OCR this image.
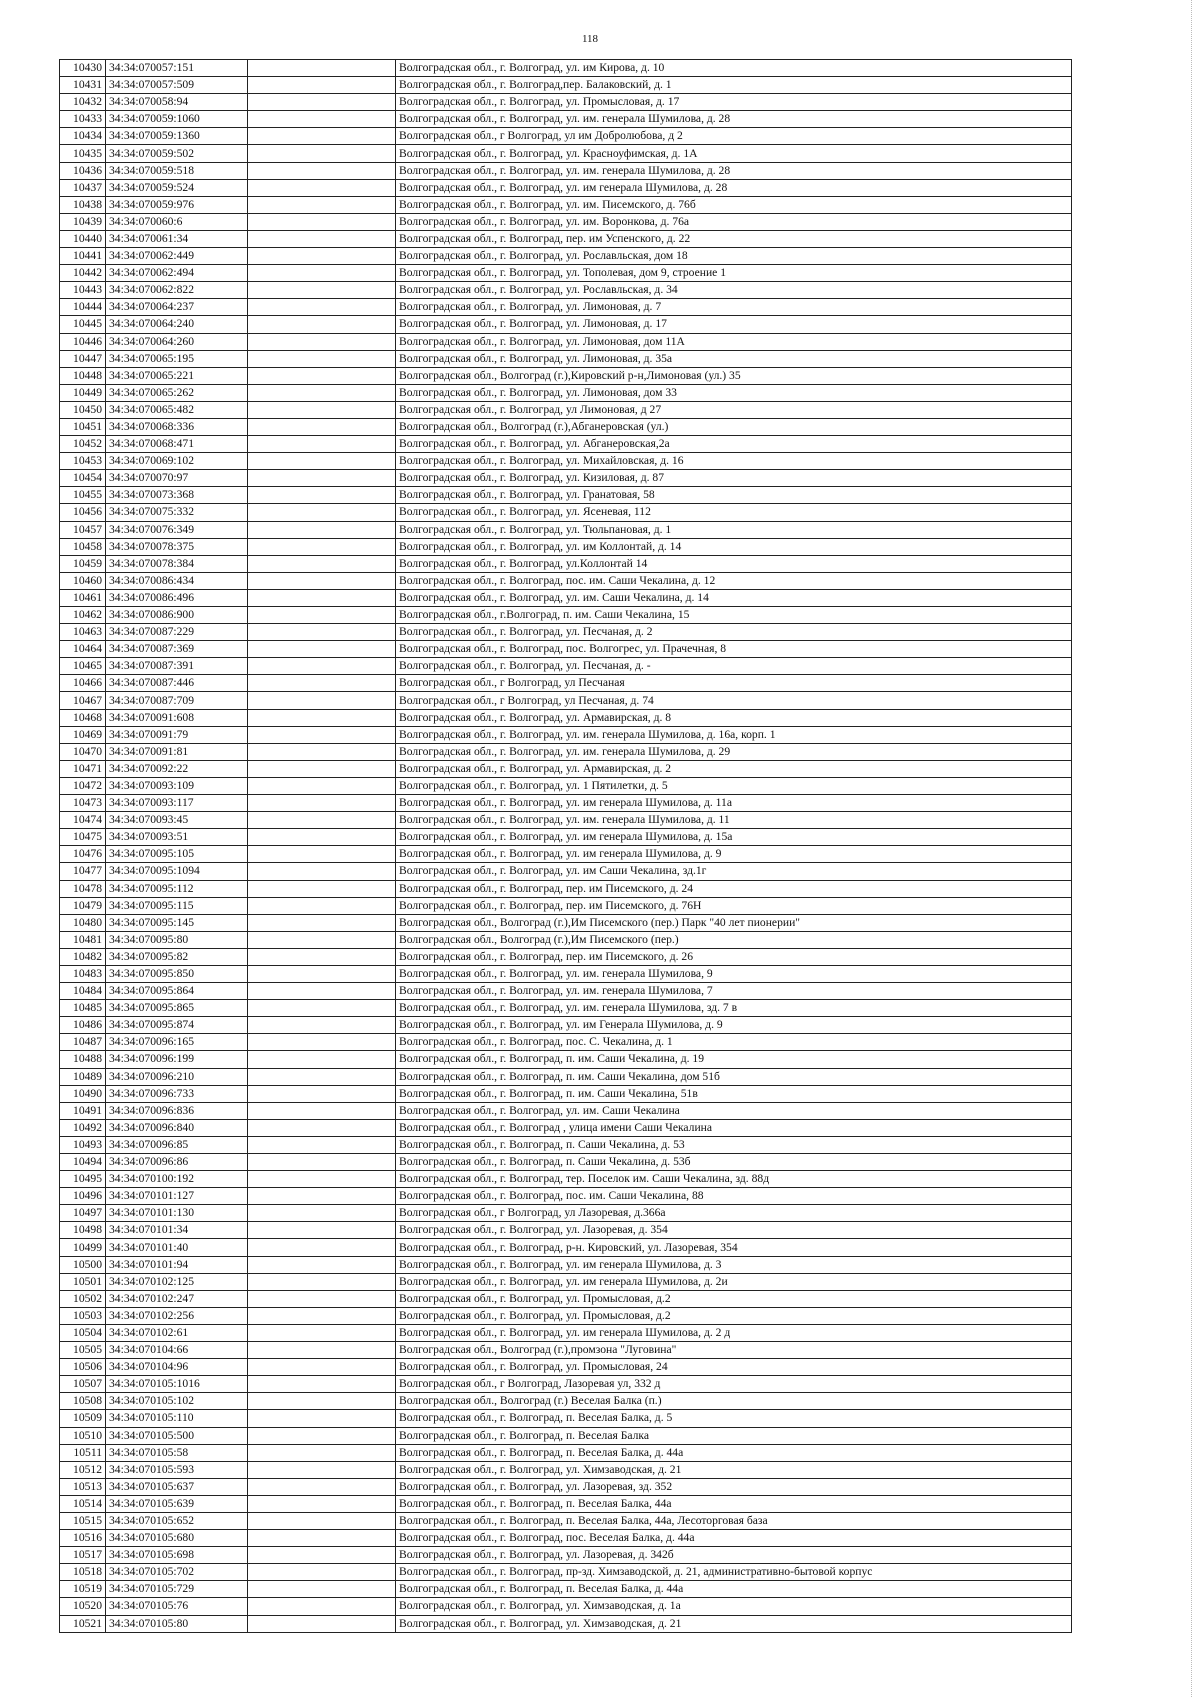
118
10430	34:34:070057:151		Волгоградская обл., г. Волгоград, ул. им Кирова, д. 10
10431	34:34:070057:509		Волгоградская обл., г. Волгоград,пер. Балаковский, д. 1
10432	34:34:070058:94		Волгоградская обл., г. Волгоград, ул. Промысловая, д. 17
10433	34:34:070059:1060		Волгоградская обл., г. Волгоград, ул. им. генерала Шумилова, д. 28
10434	34:34:070059:1360		Волгоградская обл., г Волгоград, ул им Добролюбова, д 2
10435	34:34:070059:502		Волгоградская обл., г. Волгоград, ул. Красноуфимская, д. 1А
10436	34:34:070059:518		Волгоградская обл., г. Волгоград, ул. им. генерала Шумилова, д. 28
10437	34:34:070059:524		Волгоградская обл., г. Волгоград, ул. им генерала Шумилова, д. 28
10438	34:34:070059:976		Волгоградская обл., г. Волгоград, ул. им. Писемского, д. 76б
10439	34:34:070060:6		Волгоградская обл., г. Волгоград, ул. им. Воронкова, д. 76а
10440	34:34:070061:34		Волгоградская обл., г. Волгоград, пер. им Успенского, д. 22
10441	34:34:070062:449		Волгоградская обл., г. Волгоград, ул. Рославльская, дом 18
10442	34:34:070062:494		Волгоградская обл., г. Волгоград, ул. Тополевая, дом 9, строение 1
10443	34:34:070062:822		Волгоградская обл., г. Волгоград, ул. Рославльская, д. 34
10444	34:34:070064:237		Волгоградская обл., г. Волгоград, ул. Лимоновая, д. 7
10445	34:34:070064:240		Волгоградская обл., г. Волгоград, ул. Лимоновая, д. 17
10446	34:34:070064:260		Волгоградская обл., г. Волгоград, ул. Лимоновая, дом 11А
10447	34:34:070065:195		Волгоградская обл., г. Волгоград, ул. Лимоновая, д. 35а
10448	34:34:070065:221		Волгоградская обл., Волгоград (г.),Кировский р-н,Лимоновая (ул.) 35
10449	34:34:070065:262		Волгоградская обл., г. Волгоград, ул. Лимоновая, дом 33
10450	34:34:070065:482		Волгоградская обл., г. Волгоград, ул Лимоновая, д 27
10451	34:34:070068:336		Волгоградская обл., Волгоград (г.),Абганеровская (ул.)
10452	34:34:070068:471		Волгоградская обл., г. Волгоград, ул. Абганеровская,2а
10453	34:34:070069:102		Волгоградская обл., г. Волгоград, ул. Михайловская, д. 16
10454	34:34:070070:97		Волгоградская обл., г. Волгоград, ул. Кизиловая, д. 87
10455	34:34:070073:368		Волгоградская обл., г. Волгоград, ул. Гранатовая, 58
10456	34:34:070075:332		Волгоградская обл., г. Волгоград, ул. Ясеневая, 112
10457	34:34:070076:349		Волгоградская обл., г. Волгоград, ул. Тюльпановая, д. 1
10458	34:34:070078:375		Волгоградская обл., г. Волгоград, ул. им Коллонтай, д. 14
10459	34:34:070078:384		Волгоградская обл., г. Волгоград, ул.Коллонтай 14
10460	34:34:070086:434		Волгоградская обл., г. Волгоград, пос. им. Саши Чекалина, д. 12
10461	34:34:070086:496		Волгоградская обл., г. Волгоград, ул. им. Саши Чекалина, д. 14
10462	34:34:070086:900		Волгоградская обл., г.Волгоград, п. им. Саши Чекалина, 15
10463	34:34:070087:229		Волгоградская обл., г. Волгоград, ул. Песчаная, д. 2
10464	34:34:070087:369		Волгоградская обл., г. Волгоград, пос. Волгогрес, ул. Прачечная, 8
10465	34:34:070087:391		Волгоградская обл., г. Волгоград, ул. Песчаная, д. -
10466	34:34:070087:446		Волгоградская обл., г Волгоград, ул Песчаная
10467	34:34:070087:709		Волгоградская обл., г Волгоград, ул Песчаная, д. 74
10468	34:34:070091:608		Волгоградская обл., г. Волгоград, ул. Армавирская, д. 8
10469	34:34:070091:79		Волгоградская обл., г. Волгоград, ул. им. генерала Шумилова, д. 16а, корп. 1
10470	34:34:070091:81		Волгоградская обл., г. Волгоград, ул. им. генерала Шумилова, д. 29
10471	34:34:070092:22		Волгоградская обл., г. Волгоград, ул. Армавирская, д. 2
10472	34:34:070093:109		Волгоградская обл., г. Волгоград, ул. 1 Пятилетки, д. 5
10473	34:34:070093:117		Волгоградская обл., г. Волгоград, ул. им генерала Шумилова, д. 11а
10474	34:34:070093:45		Волгоградская обл., г. Волгоград, ул. им. генерала Шумилова, д. 11
10475	34:34:070093:51		Волгоградская обл., г. Волгоград, ул. им генерала Шумилова, д. 15а
10476	34:34:070095:105		Волгоградская обл., г. Волгоград, ул. им генерала Шумилова, д. 9
10477	34:34:070095:1094		Волгоградская обл., г. Волгоград, ул. им Саши Чекалина, зд.1г
10478	34:34:070095:112		Волгоградская обл., г. Волгоград, пер. им Писемского, д. 24
10479	34:34:070095:115		Волгоградская обл., г. Волгоград, пер. им Писемского, д. 76Н
10480	34:34:070095:145		Волгоградская обл., Волгоград (г.),Им Писемского (пер.) Парк "40 лет пионерии"
10481	34:34:070095:80		Волгоградская обл., Волгоград (г.),Им Писемского (пер.)
10482	34:34:070095:82		Волгоградская обл., г. Волгоград, пер. им Писемского, д. 26
10483	34:34:070095:850		Волгоградская обл., г. Волгоград, ул. им. генерала Шумилова, 9
10484	34:34:070095:864		Волгоградская обл., г. Волгоград, ул. им. генерала Шумилова, 7
10485	34:34:070095:865		Волгоградская обл., г. Волгоград, ул. им. генерала Шумилова, зд. 7 в
10486	34:34:070095:874		Волгоградская обл., г. Волгоград, ул. им Генерала Шумилова, д. 9
10487	34:34:070096:165		Волгоградская обл., г. Волгоград, пос. С. Чекалина, д. 1
10488	34:34:070096:199		Волгоградская обл., г. Волгоград, п. им. Саши Чекалина, д. 19
10489	34:34:070096:210		Волгоградская обл., г. Волгоград, п. им. Саши Чекалина, дом 51б
10490	34:34:070096:733		Волгоградская обл., г. Волгоград, п. им. Саши Чекалина, 51в
10491	34:34:070096:836		Волгоградская обл., г. Волгоград, ул. им. Саши Чекалина
10492	34:34:070096:840		Волгоградская обл., г. Волгоград , улица имени Саши Чекалина
10493	34:34:070096:85		Волгоградская обл., г. Волгоград, п. Саши Чекалина, д. 53
10494	34:34:070096:86		Волгоградская обл., г. Волгоград, п. Саши Чекалина, д. 53б
10495	34:34:070100:192		Волгоградская обл., г. Волгоград, тер. Поселок им. Саши Чекалина, зд. 88д
10496	34:34:070101:127		Волгоградская обл., г. Волгоград, пос. им. Саши Чекалина, 88
10497	34:34:070101:130		Волгоградская обл., г Волгоград, ул Лазоревая, д.366а
10498	34:34:070101:34		Волгоградская обл., г. Волгоград, ул. Лазоревая, д. 354
10499	34:34:070101:40		Волгоградская обл., г. Волгоград, р-н. Кировский, ул. Лазоревая, 354
10500	34:34:070101:94		Волгоградская обл., г. Волгоград, ул. им генерала Шумилова, д. 3
10501	34:34:070102:125		Волгоградская обл., г. Волгоград, ул. им генерала Шумилова, д. 2и
10502	34:34:070102:247		Волгоградская обл., г. Волгоград, ул. Промысловая, д.2
10503	34:34:070102:256		Волгоградская обл., г. Волгоград, ул. Промысловая, д.2
10504	34:34:070102:61		Волгоградская обл., г. Волгоград, ул. им генерала Шумилова, д. 2 д
10505	34:34:070104:66		Волгоградская обл., Волгоград (г.),промзона "Луговина"
10506	34:34:070104:96		Волгоградская обл., г. Волгоград, ул. Промысловая, 24
10507	34:34:070105:1016		Волгоградская обл., г Волгоград, Лазоревая ул, 332 д
10508	34:34:070105:102		Волгоградская обл., Волгоград (г.) Веселая Балка (п.)
10509	34:34:070105:110		Волгоградская обл., г. Волгоград, п. Веселая Балка, д. 5
10510	34:34:070105:500		Волгоградская обл., г. Волгоград, п. Веселая Балка
10511	34:34:070105:58		Волгоградская обл., г. Волгоград, п. Веселая Балка, д. 44а
10512	34:34:070105:593		Волгоградская обл., г. Волгоград, ул. Химзаводская, д. 21
10513	34:34:070105:637		Волгоградская обл., г. Волгоград, ул. Лазоревая, зд. 352
10514	34:34:070105:639		Волгоградская обл., г. Волгоград, п. Веселая Балка, 44а
10515	34:34:070105:652		Волгоградская обл., г. Волгоград, п. Веселая Балка, 44а, Лесоторговая база
10516	34:34:070105:680		Волгоградская обл., г. Волгоград, пос. Веселая Балка, д. 44а
10517	34:34:070105:698		Волгоградская обл., г. Волгоград, ул. Лазоревая, д. 342б
10518	34:34:070105:702		Волгоградская обл., г. Волгоград, пр-зд. Химзаводской, д. 21, административно-бытовой корпус
10519	34:34:070105:729		Волгоградская обл., г. Волгоград, п. Веселая Балка, д. 44а
10520	34:34:070105:76		Волгоградская обл., г. Волгоград, ул. Химзаводская, д. 1а
10521	34:34:070105:80		Волгоградская обл., г. Волгоград, ул. Химзаводская, д. 21
